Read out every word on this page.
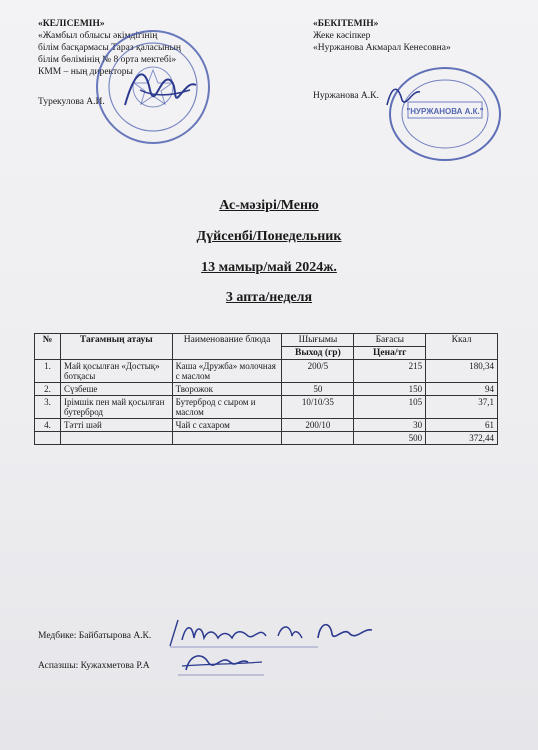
«КЕЛІСЕМІН»
«Жамбыл облысы әкімдігінің
білім басқармасы Тараз қаласының
білім бөлімінің № 8 орта мектебі»
КММ – ның директоры
Турекулова А.И.
«БЕКІТЕМІН»
Жеке кәсіпкер
«Нуржанова Акмарал Кенесовна»
Нуржанова А.К.
"НУРЖАНОВА А.К."
Ас-мәзірі/Меню
Дүйсенбі/Понедельник
13 мамыр/май 2024ж.
3 апта/неделя
№	Тағамның атауы	Наименование блюда	Шығымы	Бағасы	Ккал
			Выход (гр)	Цена/тг	
1.	Май қосылған «Достық» ботқасы	Каша «Дружба» молочная с маслом	200/5	215	180,34
2.	Сүзбеше	Творожок	50	150	94
3.	Ірімшік пен май қосылған бутерброд	Бутерброд с сыром и маслом	10/10/35	105	37,1
4.	Тәтті шәй	Чай с сахаром	200/10	30	61
				500	372,44
Медбике: Байбатырова А.К.
Аспазшы: Кужахметова Р.А
